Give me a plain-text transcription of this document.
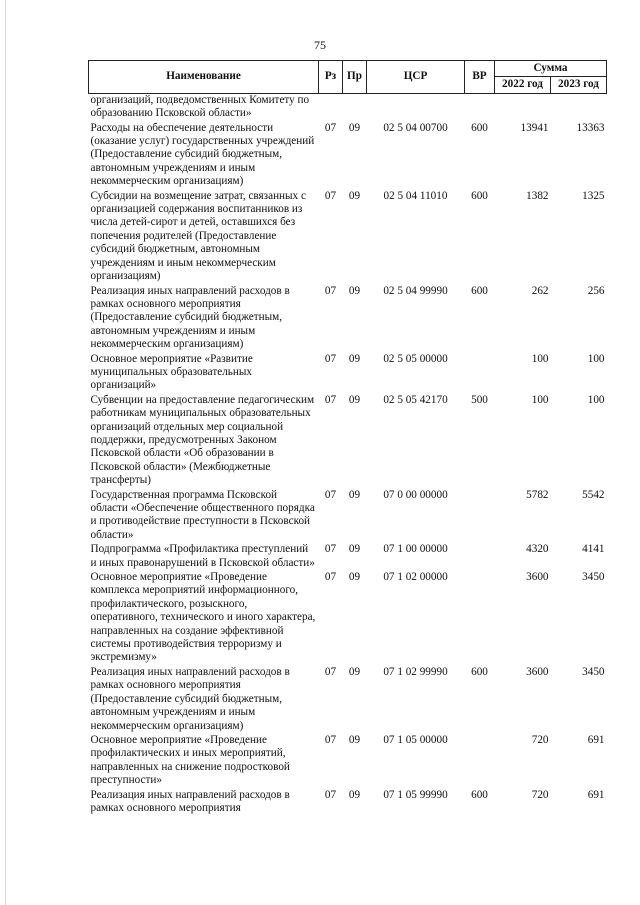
75
Наименование	Рз	Пр	ЦСР	ВР	Сумма	
					2022 год	2023 год
организаций, подведомственных Комитету по образованию Псковской области»						
Расходы на обеспечение деятельности (оказание услуг) государственных учреждений (Предоставление субсидий бюджетным, автономным учреждениям и иным некоммерческим организациям)	07	09	02 5 04 00700	600	13941	13363
Субсидии на возмещение затрат, связанных с организацией содержания воспитанников из числа детей-сирот и детей, оставшихся без попечения родителей (Предоставление субсидий бюджетным, автономным учреждениям и иным некоммерческим организациям)	07	09	02 5 04 11010	600	1382	1325
Реализация иных направлений расходов в рамках основного мероприятия (Предоставление субсидий бюджетным, автономным учреждениям и иным некоммерческим организациям)	07	09	02 5 04 99990	600	262	256
Основное мероприятие «Развитие муниципальных образовательных организаций»	07	09	02 5 05 00000		100	100
Субвенции на предоставление педагогическим работникам муниципальных образовательных организаций отдельных мер социальной поддержки, предусмотренных Законом Псковской области «Об образовании в Псковской области» (Межбюджетные трансферты)	07	09	02 5 05 42170	500	100	100
Государственная программа Псковской области «Обеспечение общественного порядка и противодействие преступности в Псковской области»	07	09	07 0 00 00000		5782	5542
Подпрограмма «Профилактика преступлений и иных правонарушений в Псковской области»	07	09	07 1 00 00000		4320	4141
Основное мероприятие «Проведение комплекса мероприятий информационного, профилактического, розыскного, оперативного, технического и иного характера, направленных на создание эффективной системы противодействия терроризму и экстремизму»	07	09	07 1 02 00000		3600	3450
Реализация иных направлений расходов в рамках основного мероприятия (Предоставление субсидий бюджетным, автономным учреждениям и иным некоммерческим организациям)	07	09	07 1 02 99990	600	3600	3450
Основное мероприятие «Проведение профилактических и иных мероприятий, направленных на снижение подростковой преступности»	07	09	07 1 05 00000		720	691
Реализация иных направлений расходов в рамках основного мероприятия	07	09	07 1 05 99990	600	720	691
